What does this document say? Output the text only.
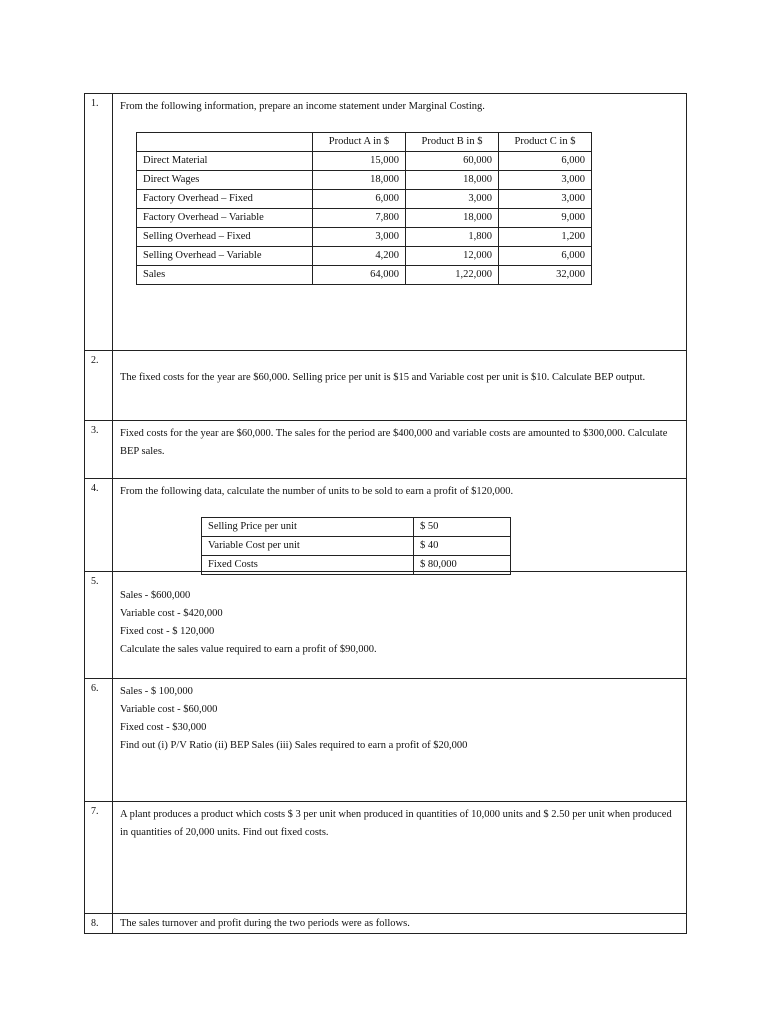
1.	From the following information, prepare an income statement under Marginal Costing.

	Product A in $	Product B in $	Product C in $
Direct Material	15,000	60,000	6,000
Direct Wages	18,000	18,000	3,000
Factory Overhead – Fixed	6,000	3,000	3,000
Factory Overhead – Variable	7,800	18,000	9,000
Selling Overhead – Fixed	3,000	1,800	1,200
Selling Overhead – Variable	4,200	12,000	6,000
Sales	64,000	1,22,000	32,000
2.

The fixed costs for the year are $60,000. Selling price per unit is $15 and Variable cost per unit is $10. Calculate BEP output.

3.	Fixed costs for the year are $60,000. The sales for the period are $400,000 and variable costs are amounted to $300,000. Calculate BEP sales.

4.	From the following data, calculate the number of units to be sold to earn a profit of $120,000.

Selling Price per unit	$ 50
Variable Cost per unit	$ 40
Fixed Costs	$ 80,000
5.

Sales - $600,000

Variable cost - $420,000

Fixed cost - $ 120,000

Calculate the sales value required to earn a profit of $90,000.

6.	Sales - $ 100,000

Variable cost - $60,000

Fixed cost - $30,000

Find out (i) P/V Ratio (ii) BEP Sales (iii) Sales required to earn a profit of $20,000

7.	A plant produces a product which costs $ 3 per unit when produced in quantities of 10,000 units and $ 2.50 per unit when produced in quantities of 20,000 units. Find out fixed costs.

8.	The sales turnover and profit during the two periods were as follows.
